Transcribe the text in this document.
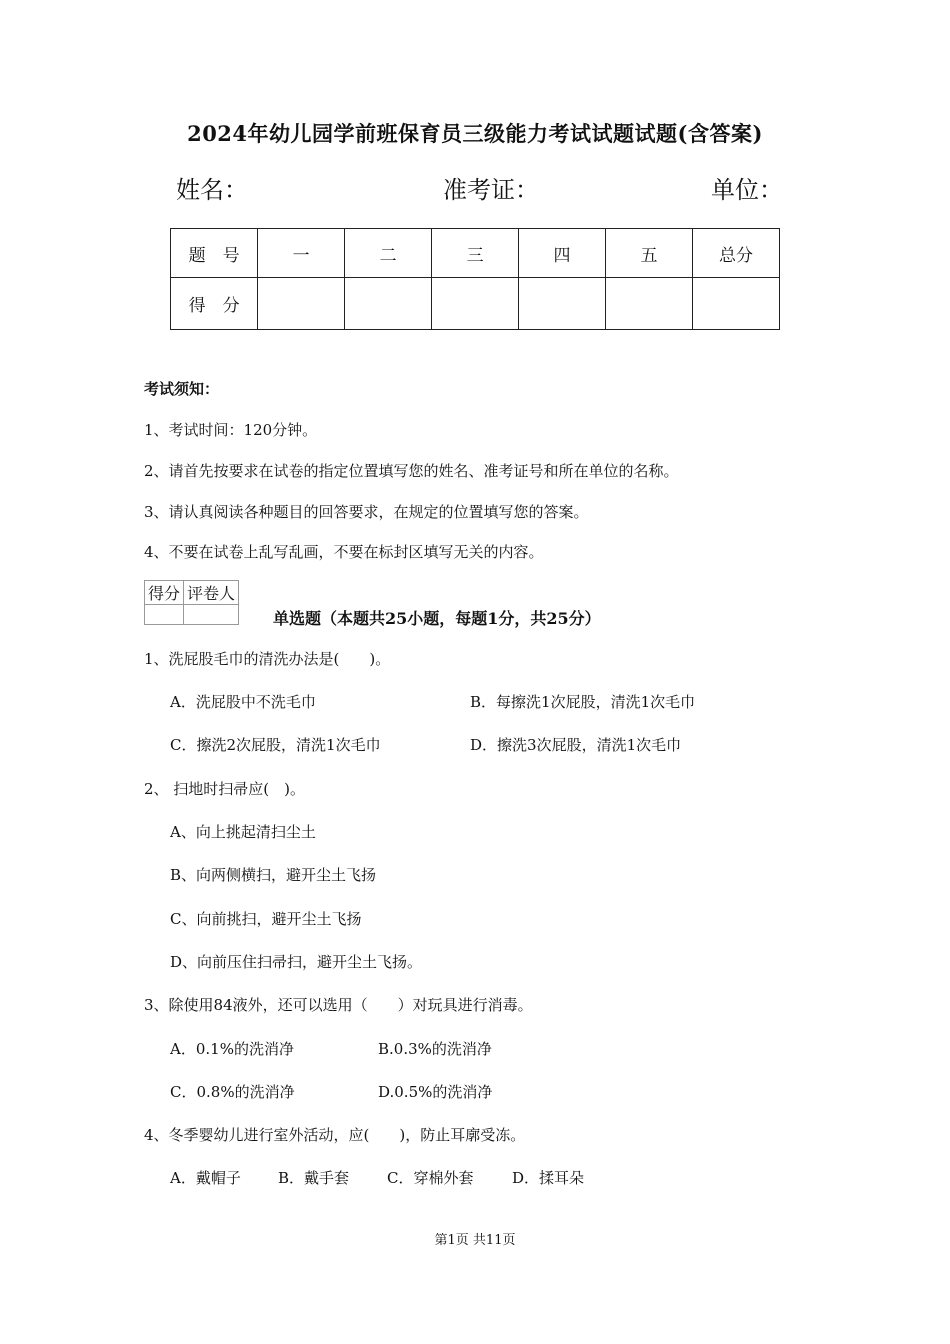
2024年幼儿园学前班保育员三级能力考试试题试题(含答案)
姓名：	准考证：	单位：
题　号	一	二	三	四	五	总分
得　分						
考试须知：
1、考试时间：120分钟。
2、请首先按要求在试卷的指定位置填写您的姓名、准考证号和所在单位的名称。
3、请认真阅读各种题目的回答要求，在规定的位置填写您的答案。
4、不要在试卷上乱写乱画，不要在标封区填写无关的内容。
得分	评卷人

单选题（本题共25小题，每题1分，共25分）
1、洗屁股毛巾的清洗办法是(　　)。
A．洗屁股中不洗毛巾	B．每擦洗1次屁股，清洗1次毛巾
C．擦洗2次屁股，清洗1次毛巾	D．擦洗3次屁股，清洗1次毛巾
2、 扫地时扫帚应(　)。
A、向上挑起清扫尘土
B、向两侧横扫，避开尘土飞扬
C、向前挑扫，避开尘土飞扬
D、向前压住扫帚扫，避开尘土飞扬。
3、除使用84液外，还可以选用（　　）对玩具进行消毒。
A．0.1%的洗消净	B.0.3%的洗消净
C．0.8%的洗消净	D.0.5%的洗消净
4、冬季婴幼儿进行室外活动，应(　　)，防止耳廓受冻。
A．戴帽子 B．戴手套	C．穿棉外套	D．揉耳朵
第1页 共11页
